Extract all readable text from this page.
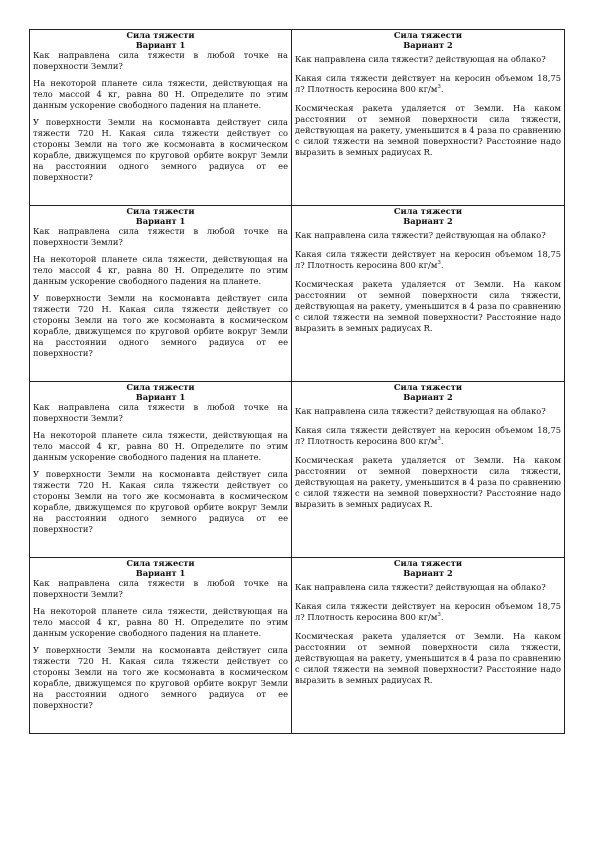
Сила тяжести
Вариант 1

Как направлена сила тяжести в любой точке на поверхности Земли?

На некоторой планете сила тяжести, действующая на тело массой 4 кг, равна 80 Н. Определите по этим данным ускорение свободного падения на планете.

У поверхности Земли на космонавта действует сила тяжести 720 Н. Какая сила тяжести действует со стороны Земли на того же космонавта в космическом корабле, движущемся по круговой орбите вокруг Земли на расстоянии одного земного радиуса от ее поверхности?

Сила тяжести
Вариант 2

Как направлена сила тяжести? действующая на облако?

Какая сила тяжести действует на керосин объемом 18,75 л? Плотность керосина 800 $кг/м^3$.

Космическая ракета удаляется от Земли. На каком расстоянии от земной поверхности сила тяжести, действующая на ракету, уменьшится в 4 раза по сравнению с силой тяжести на земной поверхности? Расстояние надо выразить в земных радиусах R.

Сила тяжести
Вариант 1

Как направлена сила тяжести в любой точке на поверхности Земли?

На некоторой планете сила тяжести, действующая на тело массой 4 кг, равна 80 Н. Определите по этим данным ускорение свободного падения на планете.

У поверхности Земли на космонавта действует сила тяжести 720 Н. Какая сила тяжести действует со стороны Земли на того же космонавта в космическом корабле, движущемся по круговой орбите вокруг Земли на расстоянии одного земного радиуса от ее поверхности?

Сила тяжести
Вариант 2

Как направлена сила тяжести? действующая на облако?

Какая сила тяжести действует на керосин объемом 18,75 л? Плотность керосина 800 $кг/м^3$.

Космическая ракета удаляется от Земли. На каком расстоянии от земной поверхности сила тяжести, действующая на ракету, уменьшится в 4 раза по сравнению с силой тяжести на земной поверхности? Расстояние надо выразить в земных радиусах R.

Сила тяжести
Вариант 1

Как направлена сила тяжести в любой точке на поверхности Земли?

На некоторой планете сила тяжести, действующая на тело массой 4 кг, равна 80 Н. Определите по этим данным ускорение свободного падения на планете.

У поверхности Земли на космонавта действует сила тяжести 720 Н. Какая сила тяжести действует со стороны Земли на того же космонавта в космическом корабле, движущемся по круговой орбите вокруг Земли на расстоянии одного земного радиуса от ее поверхности?

Сила тяжести
Вариант 2

Как направлена сила тяжести? действующая на облако?

Какая сила тяжести действует на керосин объемом 18,75 л? Плотность керосина 800 $кг/м^3$.

Космическая ракета удаляется от Земли. На каком расстоянии от земной поверхности сила тяжести, действующая на ракету, уменьшится в 4 раза по сравнению с силой тяжести на земной поверхности? Расстояние надо выразить в земных радиусах R.

Сила тяжести
Вариант 1

Как направлена сила тяжести в любой точке на поверхности Земли?

На некоторой планете сила тяжести, действующая на тело массой 4 кг, равна 80 Н. Определите по этим данным ускорение свободного падения на планете.

У поверхности Земли на космонавта действует сила тяжести 720 Н. Какая сила тяжести действует со стороны Земли на того же космонавта в космическом корабле, движущемся по круговой орбите вокруг Земли на расстоянии одного земного радиуса от ее поверхности?

Сила тяжести
Вариант 2

Как направлена сила тяжести? действующая на облако?

Какая сила тяжести действует на керосин объемом 18,75 л? Плотность керосина 800 $кг/м^3$.

Космическая ракета удаляется от Земли. На каком расстоянии от земной поверхности сила тяжести, действующая на ракету, уменьшится в 4 раза по сравнению с силой тяжести на земной поверхности? Расстояние надо выразить в земных радиусах R.
